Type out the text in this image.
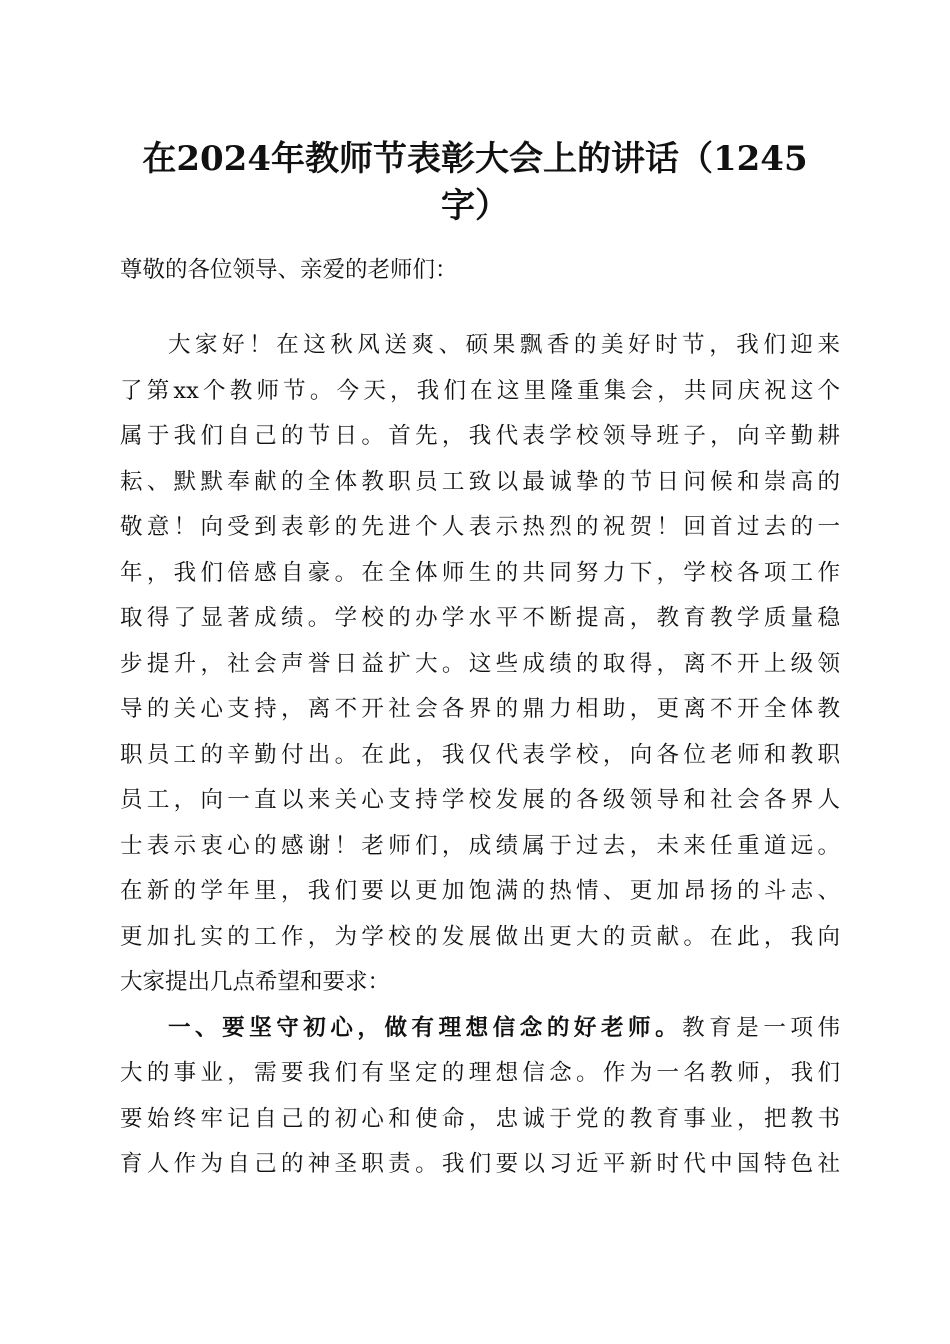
在2024年教师节表彰大会上的讲话（1245
字）

尊敬的各位领导、亲爱的老师们：

大家好！在这秋风送爽、硕果飘香的美好时节，我们迎来
了第xx个教师节。今天，我们在这里隆重集会，共同庆祝这个
属于我们自己的节日。首先，我代表学校领导班子，向辛勤耕
耘、默默奉献的全体教职员工致以最诚挚的节日问候和崇高的
敬意！向受到表彰的先进个人表示热烈的祝贺！回首过去的一
年，我们倍感自豪。在全体师生的共同努力下，学校各项工作
取得了显著成绩。学校的办学水平不断提高，教育教学质量稳
步提升，社会声誉日益扩大。这些成绩的取得，离不开上级领
导的关心支持，离不开社会各界的鼎力相助，更离不开全体教
职员工的辛勤付出。在此，我仅代表学校，向各位老师和教职
员工，向一直以来关心支持学校发展的各级领导和社会各界人
士表示衷心的感谢！老师们，成绩属于过去，未来任重道远。
在新的学年里，我们要以更加饱满的热情、更加昂扬的斗志、
更加扎实的工作，为学校的发展做出更大的贡献。在此，我向
大家提出几点希望和要求：
一、要坚守初心，做有理想信念的好老师。教育是一项伟
大的事业，需要我们有坚定的理想信念。作为一名教师，我们
要始终牢记自己的初心和使命，忠诚于党的教育事业，把教书
育人作为自己的神圣职责。我们要以习近平新时代中国特色社
